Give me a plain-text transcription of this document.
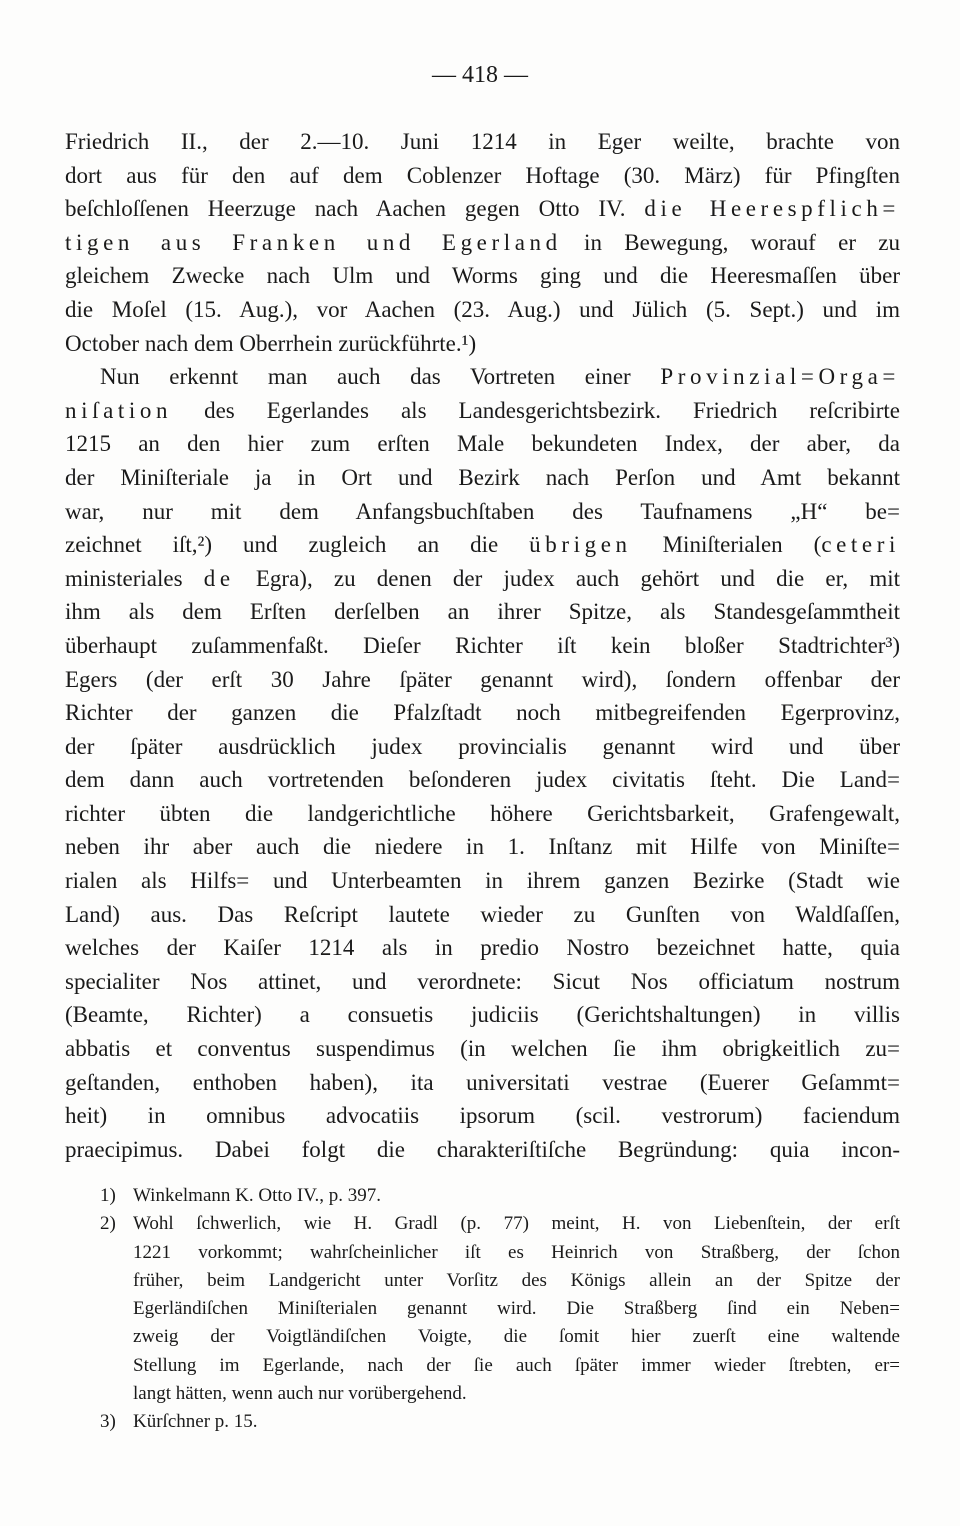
— 418 —
Friedrich II., der 2.—10. Juni 1214 in Eger weilte, brachte von
dort aus für den auf dem Coblenzer Hoftage (30. März) für Pfingſten
beſchloſſenen Heerzuge nach Aachen gegen Otto IV. die Heerespflich=
tigen aus Franken und Egerland in Bewegung, worauf er zu
gleichem Zwecke nach Ulm und Worms ging und die Heeresmaſſen über
die Moſel (15. Aug.), vor Aachen (23. Aug.) und Jülich (5. Sept.) und im
October nach dem Oberrhein zurückführte.¹)
Nun erkennt man auch das Vortreten einer Provinzial=Orga=
niſation des Egerlandes als Landesgerichtsbezirk. Friedrich reſcribirte
1215 an den hier zum erſten Male bekundeten Index, der aber, da
der Miniſteriale ja in Ort und Bezirk nach Perſon und Amt bekannt
war, nur mit dem Anfangsbuchſtaben des Taufnamens „H“ be=
zeichnet iſt,²) und zugleich an die übrigen Miniſterialen (ceteri
ministeriales de Egra), zu denen der judex auch gehört und die er, mit
ihm als dem Erſten derſelben an ihrer Spitze, als Standesgeſammtheit
überhaupt zuſammenfaßt. Dieſer Richter iſt kein bloßer Stadtrichter³)
Egers (der erſt 30 Jahre ſpäter genannt wird), ſondern offenbar der
Richter der ganzen die Pfalzſtadt noch mitbegreifenden Egerprovinz,
der ſpäter ausdrücklich judex provincialis genannt wird und über
dem dann auch vortretenden beſonderen judex civitatis ſteht. Die Land=
richter übten die landgerichtliche höhere Gerichtsbarkeit, Grafengewalt,
neben ihr aber auch die niedere in 1. Inſtanz mit Hilfe von Miniſte=
rialen als Hilfs= und Unterbeamten in ihrem ganzen Bezirke (Stadt wie
Land) aus. Das Reſcript lautete wieder zu Gunſten von Waldſaſſen,
welches der Kaiſer 1214 als in predio Nostro bezeichnet hatte, quia
specialiter Nos attinet, und verordnete: Sicut Nos officiatum nostrum
(Beamte, Richter) a consuetis judiciis (Gerichtshaltungen) in villis
abbatis et conventus suspendimus (in welchen ſie ihm obrigkeitlich zu=
geſtanden, enthoben haben), ita universitati vestrae (Euerer Geſammt=
heit) in omnibus advocatiis ipsorum (scil. vestrorum) faciendum
praecipimus. Dabei folgt die charakteriſtiſche Begründung: quia incon-
1) Winkelmann K. Otto IV., p. 397.
2) Wohl ſchwerlich, wie H. Gradl (p. 77) meint, H. von Liebenſtein, der erſt
1221 vorkommt; wahrſcheinlicher iſt es Heinrich von Straßberg, der ſchon
früher, beim Landgericht unter Vorſitz des Königs allein an der Spitze der
Egerländiſchen Miniſterialen genannt wird. Die Straßberg ſind ein Neben=
zweig der Voigtländiſchen Voigte, die ſomit hier zuerſt eine waltende
Stellung im Egerlande, nach der ſie auch ſpäter immer wieder ſtrebten, er=
langt hätten, wenn auch nur vorübergehend.
3) Kürſchner p. 15.
